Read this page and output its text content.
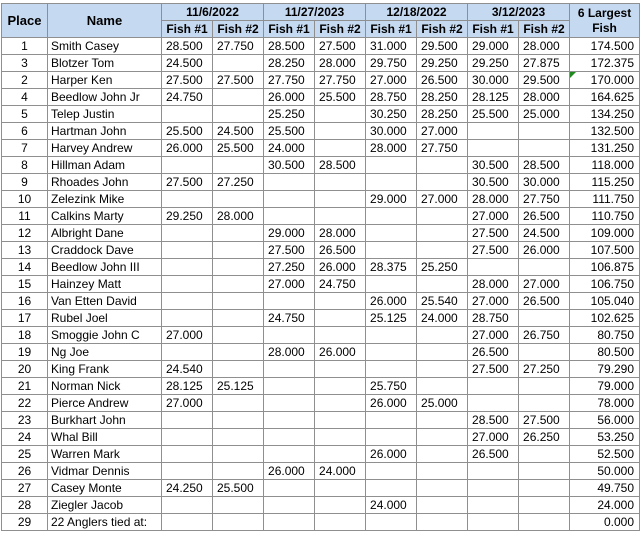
Place	Name	11/6/2022		11/27/2023		12/18/2022		3/12/2023		6 Largest
Fish
		Fish #1	Fish #2	Fish #1	Fish #2	Fish #1	Fish #2	Fish #1	Fish #2	
1	Smith Casey	28.500	27.750	28.500	27.500	31.000	29.500	29.000	28.000	174.500
3	Blotzer Tom	24.500		28.250	28.000	29.750	29.250	29.250	27.875	172.375
2	Harper Ken	27.500	27.500	27.750	27.750	27.000	26.500	30.000	29.500	170.000
4	Beedlow John Jr	24.750		26.000	25.500	28.750	28.250	28.125	28.000	164.625
5	Telep Justin			25.250		30.250	28.250	25.500	25.000	134.250
6	Hartman John	25.500	24.500	25.500		30.000	27.000			132.500
7	Harvey Andrew	26.000	25.500	24.000		28.000	27.750			131.250
8	Hillman Adam			30.500	28.500			30.500	28.500	118.000
9	Rhoades John	27.500	27.250					30.500	30.000	115.250
10	Zelezink Mike					29.000	27.000	28.000	27.750	111.750
11	Calkins Marty	29.250	28.000					27.000	26.500	110.750
12	Albright Dane			29.000	28.000			27.500	24.500	109.000
13	Craddock Dave			27.500	26.500			27.500	26.000	107.500
14	Beedlow John III			27.250	26.000	28.375	25.250			106.875
15	Hainzey Matt			27.000	24.750			28.000	27.000	106.750
16	Van Etten David					26.000	25.540	27.000	26.500	105.040
17	Rubel Joel			24.750		25.125	24.000	28.750		102.625
18	Smoggie John C	27.000						27.000	26.750	80.750
19	Ng Joe			28.000	26.000			26.500		80.500
20	King Frank	24.540						27.500	27.250	79.290
21	Norman Nick	28.125	25.125			25.750				79.000
22	Pierce Andrew	27.000				26.000	25.000			78.000
23	Burkhart John							28.500	27.500	56.000
24	Whal Bill							27.000	26.250	53.250
25	Warren Mark					26.000		26.500		52.500
26	Vidmar Dennis			26.000	24.000					50.000
27	Casey Monte	24.250	25.500							49.750
28	Ziegler Jacob					24.000				24.000
29	22 Anglers tied at:									0.000
